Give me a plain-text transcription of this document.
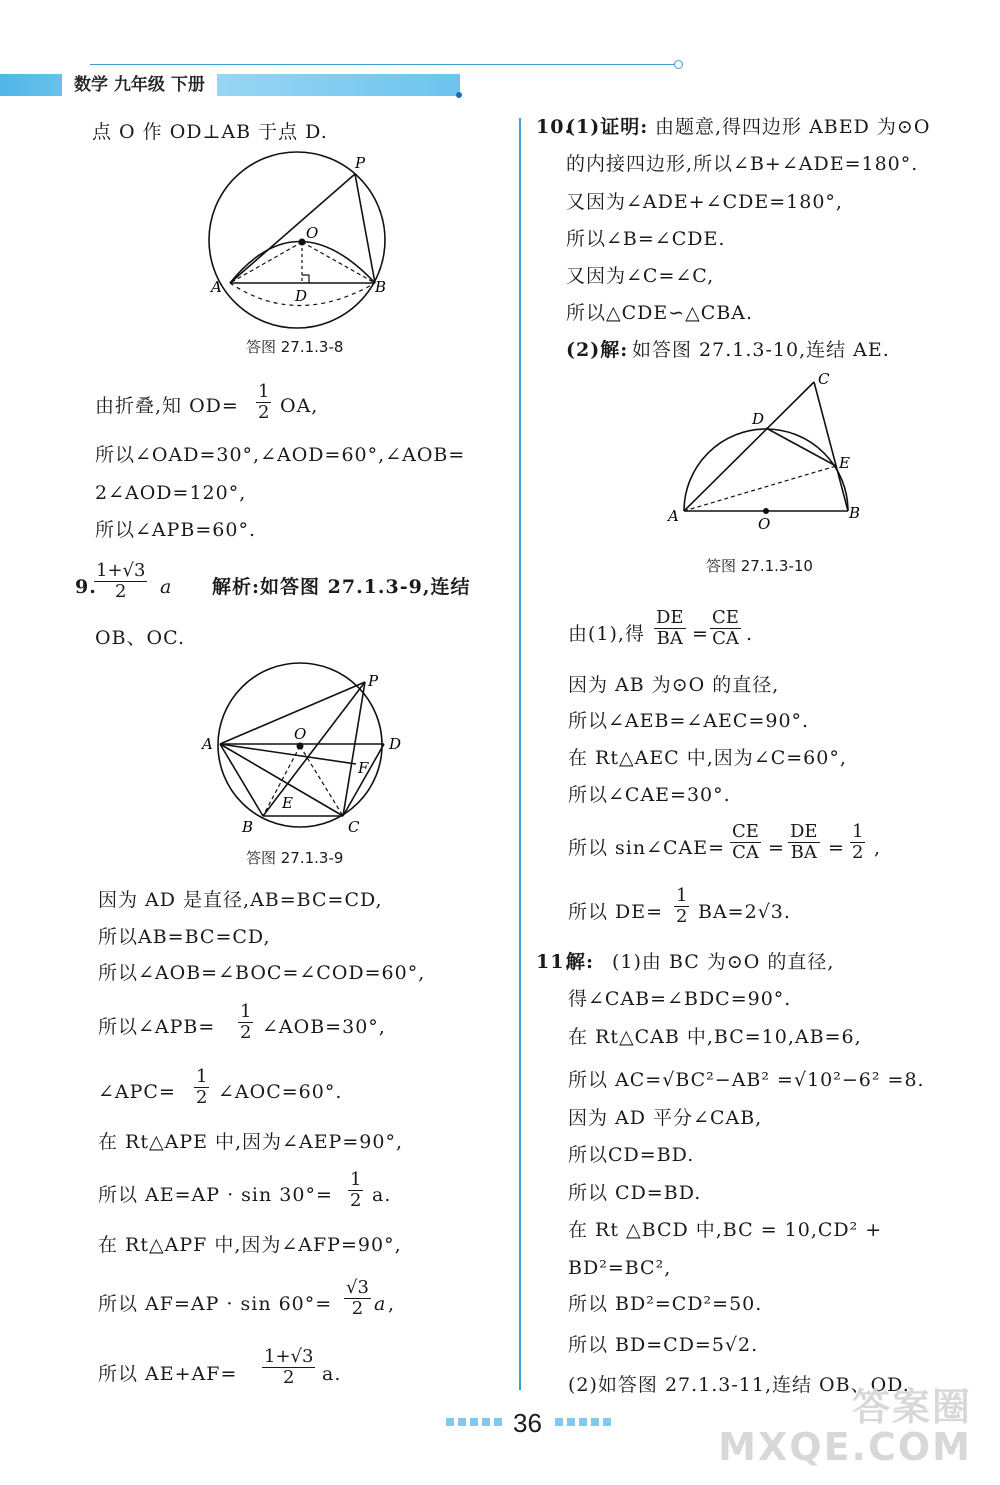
数学 九年级 下册
点 O 作 OD⊥AB 于点 D.
P
O
A	D	B
答图 27.1.3-8
由折叠,知 $OD= \frac{1}{2}$ OA,
所以∠OAD=30°,∠AOD=60°,∠AOB=
2∠AOD=120°,
所以∠APB=60°.
9.
$\frac{1+√3}{2}$ a 解析:如答图 27.1.3-9,连结
OB、OC.
P
O
A	D
F
E
B	C
答图 27.1.3-9
因为 AD 是直径,AB=BC=CD,
所以AB=BC=CD,
所以∠AOB=∠BOC=∠COD=60°,
所以∠APB= $\frac{1}{2}$ ∠AOB=30°,
∠APC= $\frac{1}{2}$ ∠AOC=60°.
在 Rt△APE 中,因为∠AEP=90°,
所以 $AE=AP \cdot \sin 30^\circ= \frac{1}{2} a$.
在 Rt△APF 中,因为∠AFP=90°,
所以 $AF=AP \cdot \sin 60^\circ= \frac{√3}{2}$ a ,
所以 $AE+AF= \frac{1+√3}{2} a$.
10.
(1)证明: 由题意,得四边形 ABED 为⊙O
的内接四边形,所以∠B+∠ADE=180°.
又因为∠ADE+∠CDE=180°,
所以∠B=∠CDE.
又因为∠C=∠C,
所以△CDE∽△CBA.
(2)解: 如答图 27.1.3-10,连结 AE.
C
D
E
A	O
B
答图 27.1.3-10
由(1),得 $\frac{DE}{BA} = \frac{CE}{CA}$ .
因为 AB 为⊙O 的直径,
所以∠AEB=∠AEC=90°.
在 Rt△AEC 中,因为∠C=60°,
所以∠CAE=30°.
所以 sin∠CAE= $\frac{CE}{CA} = \frac{DE}{BA} = \frac{1}{2}$ ,
所以 $DE= \frac{1}{2} BA=2√3$.
11.
解: (1)由 BC 为⊙O 的直径,
得∠CAB=∠BDC=90°.
在 Rt△CAB 中,BC=10,AB=6,
所以 AC=√BC²−AB² =√10²−6² =8.
因为 AD 平分∠CAB,
所以CD=BD.
所以 CD=BD.
在 Rt △BCD 中,BC = 10,CD² +
BD²=BC²,
所以 BD²=CD²=50.
所以 BD=CD=5√2.
(2)如答图 27.1.3-11,连结 OB、OD.
36	答案圈
MXQE.COM
